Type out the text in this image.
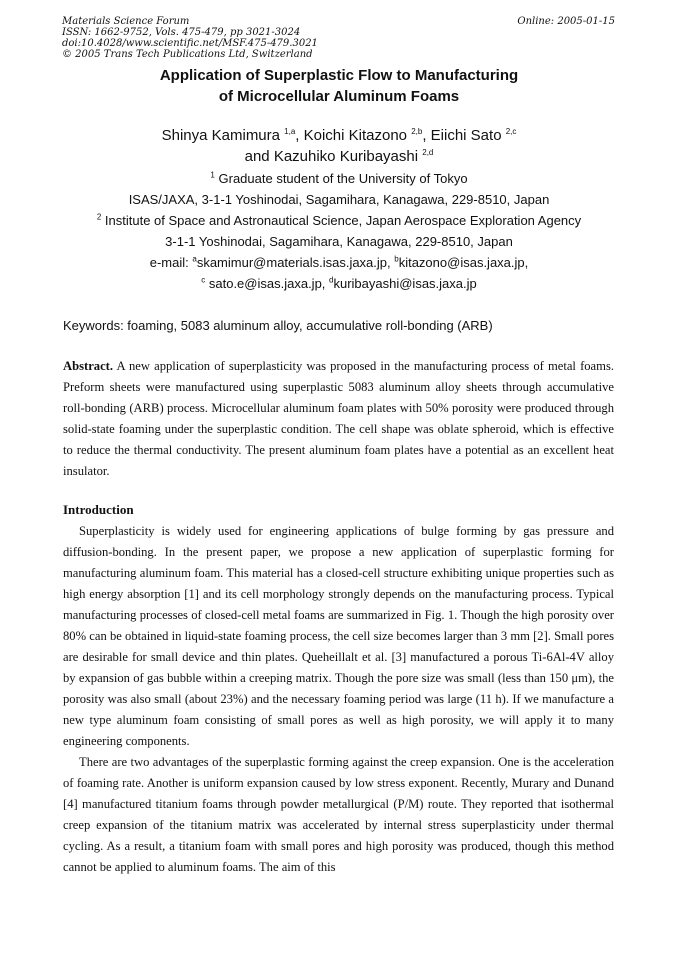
Materials Science Forum
ISSN: 1662-9752, Vols. 475-479, pp 3021-3024
doi:10.4028/www.scientific.net/MSF.475-479.3021
© 2005 Trans Tech Publications Ltd, Switzerland
Online: 2005-01-15
Application of Superplastic Flow to Manufacturing
of Microcellular Aluminum Foams
Shinya Kamimura $^{1,a}$, Koichi Kitazono $^{2,b}$, Eiichi Sato $^{2,c}$
and Kazuhiko Kuribayashi $^{2,d}$
$^1$ Graduate student of the University of Tokyo
ISAS/JAXA, 3-1-1 Yoshinodai, Sagamihara, Kanagawa, 229-8510, Japan
$^2$ Institute of Space and Astronautical Science, Japan Aerospace Exploration Agency
3-1-1 Yoshinodai, Sagamihara, Kanagawa, 229-8510, Japan
e-mail: $^a$skamimur@materials.isas.jaxa.jp, $^b$kitazono@isas.jaxa.jp,
$^c$ sato.e@isas.jaxa.jp, $^d$kuribayashi@isas.jaxa.jp
Keywords: foaming, 5083 aluminum alloy, accumulative roll-bonding (ARB)

Abstract. A new application of superplasticity was proposed in the manufacturing process of metal foams. Preform sheets were manufactured using superplastic 5083 aluminum alloy sheets through accumulative roll-bonding (ARB) process. Microcellular aluminum foam plates with 50% porosity were produced through solid-state foaming under the superplastic condition. The cell shape was oblate spheroid, which is effective to reduce the thermal conductivity. The present aluminum foam plates have a potential as an excellent heat insulator.

Introduction

Superplasticity is widely used for engineering applications of bulge forming by gas pressure and diffusion-bonding. In the present paper, we propose a new application of superplastic forming for manufacturing aluminum foam. This material has a closed-cell structure exhibiting unique properties such as high energy absorption [1] and its cell morphology strongly depends on the manufacturing process. Typical manufacturing processes of closed-cell metal foams are summarized in Fig. 1. Though the high porosity over 80% can be obtained in liquid-state foaming process, the cell size becomes larger than 3 mm [2]. Small pores are desirable for small device and thin plates. Queheillalt et al. [3] manufactured a porous Ti-6Al-4V alloy by expansion of gas bubble within a creeping matrix. Though the pore size was small (less than 150 μm), the porosity was also small (about 23%) and the necessary foaming period was large (11 h). If we manufacture a new type aluminum foam consisting of small pores as well as high porosity, we will apply it to many engineering components.

There are two advantages of the superplastic forming against the creep expansion. One is the acceleration of foaming rate. Another is uniform expansion caused by low stress exponent. Recently, Murary and Dunand [4] manufactured titanium foams through powder metallurgical (P/M) route. They reported that isothermal creep expansion of the titanium matrix was accelerated by internal stress superplasticity under thermal cycling. As a result, a titanium foam with small pores and high porosity was produced, though this method cannot be applied to aluminum foams. The aim of this
